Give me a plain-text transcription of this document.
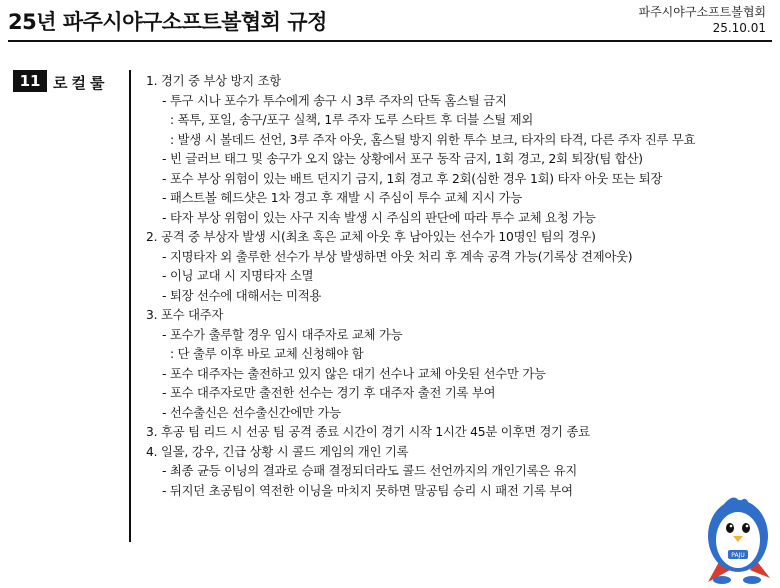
25년 파주시야구소프트볼협회 규정	파주시야구소프트볼협회
25.10.01
11 로컬룰	1. 경기 중 부상 방지 조항
- 투구 시나 포수가 투수에게 송구 시 3루 주자의 단독 홈스틸 금지
: 폭투, 포일, 송구/포구 실책, 1루 주자 도루 스타트 후 더블 스틸 제외
: 발생 시 볼데드 선언, 3루 주자 아웃, 홈스틸 방지 위한 투수 보크, 타자의 타격, 다른 주자 진루 무효
- 빈 글러브 태그 및 송구가 오지 않는 상황에서 포구 동작 금지, 1회 경고, 2회 퇴장(팀 합산)
- 포수 부상 위험이 있는 배트 던지기 금지, 1회 경고 후 2회(심한 경우 1회) 타자 아웃 또는 퇴장
- 패스트볼 헤드샷은 1차 경고 후 재발 시 주심이 투수 교체 지시 가능
- 타자 부상 위험이 있는 사구 지속 발생 시 주심의 판단에 따라 투수 교체 요청 가능
2. 공격 중 부상자 발생 시(최초 혹은 교체 아웃 후 남아있는 선수가 10명인 팀의 경우)
- 지명타자 외 출루한 선수가 부상 발생하면 아웃 처리 후 계속 공격 가능(기록상 견제아웃)
- 이닝 교대 시 지명타자 소멸
- 퇴장 선수에 대해서는 미적용
3. 포수 대주자
- 포수가 출루할 경우 임시 대주자로 교체 가능
: 단 출루 이후 바로 교체 신청해야 함
- 포수 대주자는 출전하고 있지 않은 대기 선수나 교체 아웃된 선수만 가능
- 포수 대주자로만 출전한 선수는 경기 후 대주자 출전 기록 부여
- 선수출신은 선수출신간에만 가능
3. 후공 팀 리드 시 선공 팀 공격 종료 시간이 경기 시작 1시간 45분 이후면 경기 종료
4. 일몰, 강우, 긴급 상황 시 콜드 게임의 개인 기록
- 최종 균등 이닝의 결과로 승패 결정되더라도 콜드 선언까지의 개인기록은 유지
- 뒤지던 초공팀이 역전한 이닝을 마치지 못하면 말공팀 승리 시 패전 기록 부여
PAJU
